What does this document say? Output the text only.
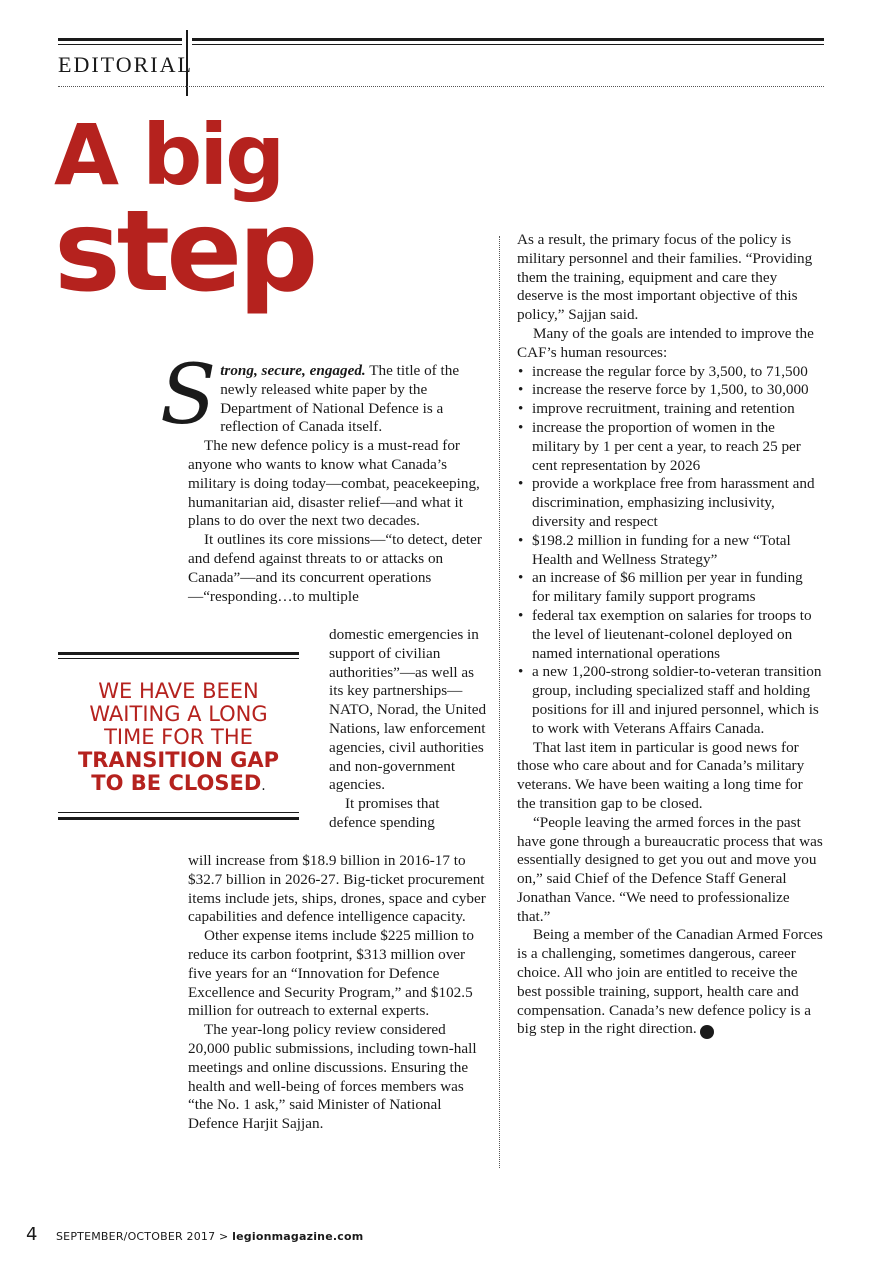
EDITORIAL
A big
step

Strong, secure, engaged. The title of the newly released white paper by the Department of National Defence is a reflection of Canada itself.

The new defence policy is a must-read for anyone who wants to know what Canada’s military is doing today—combat, peacekeeping, humanitarian aid, disaster relief—and what it plans to do over the next two decades.

It outlines its core missions—“to detect, deter and defend against threats to or attacks on Canada”—and its concurrent operations—“responding…to multiple

domestic emergencies in support of civilian authorities”—as well as its key partnerships—NATO, Norad, the United Nations, law enforcement agencies, civil authorities and non-government agencies.

It promises that defence spending

WE HAVE BEEN
WAITING A LONG
TIME FOR THE
TRANSITION GAP
TO BE CLOSED.

will increase from $18.9 billion in 2016-17 to $32.7 billion in 2026-27. Big-ticket procurement items include jets, ships, drones, space and cyber capabilities and defence intelligence capacity.

Other expense items include $225 million to reduce its carbon footprint, $313 million over five years for an “Innovation for Defence Excellence and Security Program,” and $102.5 million for outreach to external experts.

The year-long policy review considered 20,000 public submissions, including town-hall meetings and online discussions. Ensuring the health and well-being of forces members was “the No. 1 ask,” said Minister of National Defence Harjit Sajjan.

As a result, the primary focus of the policy is military personnel and their families. “Providing them the training, equipment and care they deserve is the most important objective of this policy,” Sajjan said.

Many of the goals are intended to improve the CAF’s human resources:

• increase the regular force by 3,500, to 71,500
• increase the reserve force by 1,500, to 30,000
• improve recruitment, training and retention
• increase the proportion of women in the military by 1 per cent a year, to reach 25 per cent representation by 2026
• provide a workplace free from harassment and discrimination, emphasizing inclusivity, diversity and respect
• $198.2 million in funding for a new “Total Health and Wellness Strategy”
• an increase of $6 million per year in funding for military family support programs
• federal tax exemption on salaries for troops to the level of lieutenant-colonel deployed on named international operations
• a new 1,200-strong soldier-to-veteran transition group, including specialized staff and holding positions for ill and injured personnel, which is to work with Veterans Affairs Canada.

That last item in particular is good news for those who care about and for Canada’s military veterans. We have been waiting a long time for the transition gap to be closed.

“People leaving the armed forces in the past have gone through a bureaucratic process that was essentially designed to get you out and move you on,” said Chief of the Defence Staff General Jonathan Vance. “We need to professionalize that.”

Being a member of the Canadian Armed Forces is a challenging, sometimes dangerous, career choice. All who join are entitled to receive the best possible training, support, health care and compensation. Canada’s new defence policy is a big step in the right direction. L

4 SEPTEMBER/OCTOBER 2017 > legionmagazine.com
